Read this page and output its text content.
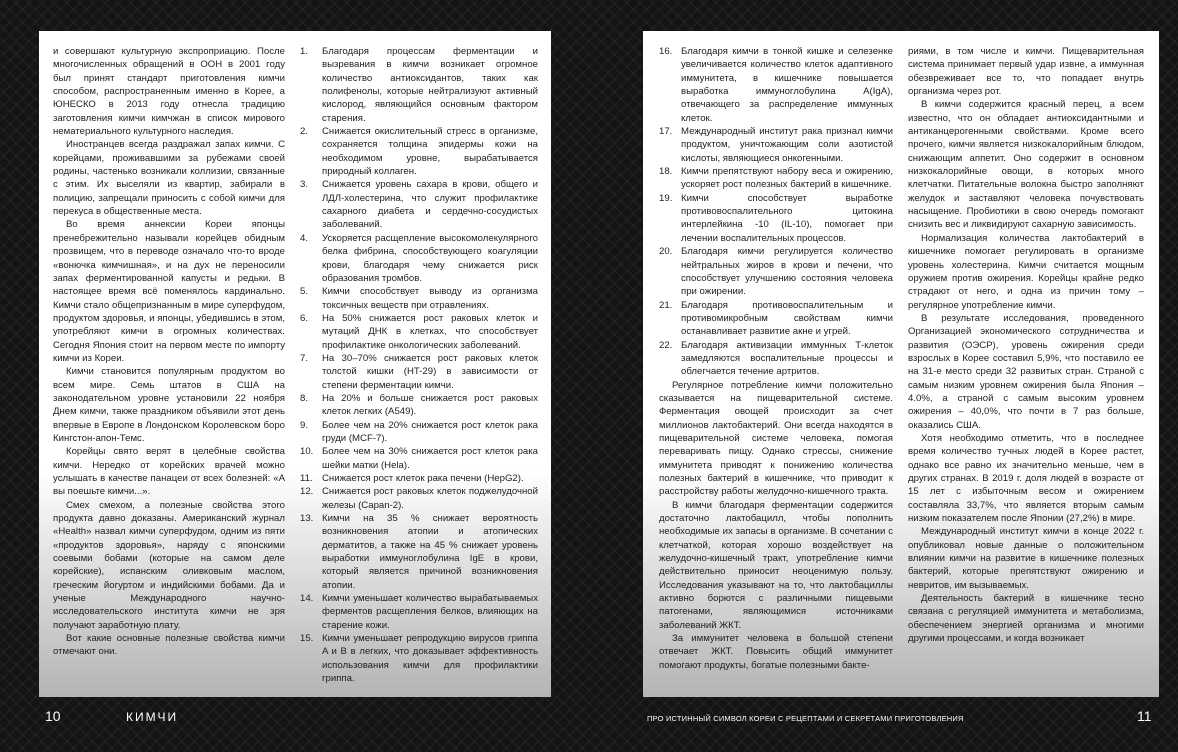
и совершают культурную экспроприацию. После многочисленных обращений в ООН в 2001 году был принят стандарт приготовления кимчи способом, распространенным именно в Корее, а ЮНЕСКО в 2013 году отнесла традицию заготовления кимчи кимчжан в список мирового нематериального культурного наследия.

Иностранцев всегда раздражал запах кимчи. С корейцами, проживавшими за рубежами своей родины, частенько возникали коллизии, связанные с этим. Их выселяли из квартир, забирали в полицию, запрещали приносить с собой кимчи для перекуса в общественные места.

Во время аннексии Кореи японцы пренебрежительно называли корейцев обидным прозвищем, что в переводе означало что-то вроде «вонючка кимчишная», и на дух не переносили запах ферментированной капусты и редьки. В настоящее время всё поменялось кардинально. Кимчи стало общепризнанным в мире суперфудом, продуктом здоровья, и японцы, убедившись в этом, употребляют кимчи в огромных количествах. Сегодня Япония стоит на первом месте по импорту кимчи из Кореи.

Кимчи становится популярным продуктом во всем мире. Семь штатов в США на законодательном уровне установили 22 ноября Днем кимчи, также праздником объявили этот день впервые в Европе в Лондонском Королевском боро Кингстон-апон-Темс.

Корейцы свято верят в целебные свойства кимчи. Нередко от корейских врачей можно услышать в качестве панацеи от всех болезней: «А вы поешьте кимчи...».

Смех смехом, а полезные свойства этого продукта давно доказаны. Американский журнал «Health» назвал кимчи суперфудом, одним из пяти «продуктов здоровья», наряду с японскими соевыми бобами (которые на самом деле корейские), испанским оливковым маслом, греческим йогуртом и индийскими бобами. Да и ученые Международного научно-исследовательского института кимчи не зря получают заработную плату.

Вот какие основные полезные свойства кимчи отмечают они.

1. Благодаря процессам ферментации и вызревания в кимчи возникает огромное количество антиоксидантов, таких как полифенолы, которые нейтрализуют активный кислород, являющийся основным фактором старения.
2. Снижается окислительный стресс в организме, сохраняется толщина эпидермы кожи на необходимом уровне, вырабатывается природный коллаген.
3. Снижается уровень сахара в крови, общего и ЛДЛ-холестерина, что служит профилактике сахарного диабета и сердечно-сосудистых заболеваний.
4. Ускоряется расщепление высокомолекулярного белка фибрина, способствующего коагуляции крови, благодаря чему снижается риск образования тромбов.
5. Кимчи способствует выводу из организма токсичных веществ при отравлениях.
6. На 50% снижается рост раковых клеток и мутаций ДНК в клетках, что способствует профилактике онкологических заболеваний.
7. На 30–70% снижается рост раковых клеток толстой кишки (HT-29) в зависимости от степени ферментации кимчи.
8. На 20% и больше снижается рост раковых клеток легких (A549).
9. Более чем на 20% снижается рост клеток рака груди (MCF-7).
10. Более чем на 30% снижается рост клеток рака шейки матки (Hela).
11. Снижается рост клеток рака печени (HepG2).
12. Снижается рост раковых клеток поджелудочной железы (Capan-2).
13. Кимчи на 35 % снижает вероятность возникновения атопии и атопических дерматитов, а также на 45 % снижает уровень выработки иммуноглобулина IgE в крови, который является причиной возникновения атопии.
14. Кимчи уменьшает количество вырабатываемых ферментов расщепления белков, влияющих на старение кожи.
15. Кимчи уменьшает репродукцию вирусов гриппа A и B в легких, что доказывает эффективность использования кимчи для профилактики гриппа.
16. Благодаря кимчи в тонкой кишке и селезенке увеличивается количество клеток адаптивного иммунитета, в кишечнике повышается выработка иммуноглобулина A(IgA), отвечающего за распределение иммунных клеток.
17. Международный институт рака признал кимчи продуктом, уничтожающим соли азотистой кислоты, являющиеся онкогенными.
18. Кимчи препятствуют набору веса и ожирению, ускоряет рост полезных бактерий в кишечнике.
19. Кимчи способствует выработке противовоспалительного цитокина интерлейкина -10 (IL-10), помогает при лечении воспалительных процессов.
20. Благодаря кимчи регулируется количество нейтральных жиров в крови и печени, что способствует улучшению состояния человека при ожирении.
21. Благодаря противовоспалительным и противомикробным свойствам кимчи останавливает развитие акне и угрей.
22. Благодаря активизации иммунных Т-клеток замедляются воспалительные процессы и облегчается течение артритов.

Регулярное потребление кимчи положительно сказывается на пищеварительной системе. Ферментация овощей происходит за счет миллионов лактобактерий. Они всегда находятся в пищеварительной системе человека, помогая переваривать пищу. Однако стрессы, снижение иммунитета приводят к понижению количества полезных бактерий в кишечнике, что приводит к расстройству работы желудочно-кишечного тракта.

В кимчи благодаря ферментации содержится достаточно лактобацилл, чтобы пополнить необходимые их запасы в организме. В сочетании с клетчаткой, которая хорошо воздействует на желудочно-кишечный тракт, употребление кимчи действительно приносит неоценимую пользу. Исследования указывают на то, что лактобациллы активно борются с различными пищевыми патогенами, являющимися источниками заболеваний ЖКТ.

За иммунитет человека в большой степени отвечает ЖКТ. Повысить общий иммунитет помогают продукты, богатые полезными бакте-

риями, в том числе и кимчи. Пищеварительная система принимает первый удар извне, а иммунная обезвреживает все то, что попадает внутрь организма через рот.

В кимчи содержится красный перец, а всем известно, что он обладает антиоксидантными и антиканцерогенными свойствами. Кроме всего прочего, кимчи является низкокалорийным блюдом, снижающим аппетит. Оно содержит в основном низкокалорийные овощи, в которых много клетчатки. Питательные волокна быстро заполняют желудок и заставляют человека почувствовать насыщение. Пробиотики в свою очередь помогают снизить вес и ликвидируют сахарную зависимость.

Нормализация количества лактобактерий в кишечнике помогает регулировать в организме уровень холестерина. Кимчи считается мощным оружием против ожирения. Корейцы крайне редко страдают от него, и одна из причин тому – регулярное употребление кимчи.

В результате исследования, проведенного Организацией экономического сотрудничества и развития (ОЭСР), уровень ожирения среди взрослых в Корее составил 5,9%, что поставило ее на 31-е место среди 32 развитых стран. Страной с самым низким уровнем ожирения была Япония – 4.0%, а страной с самым высоким уровнем ожирения – 40,0%, что почти в 7 раз больше, оказались США.

Хотя необходимо отметить, что в последнее время количество тучных людей в Корее растет, однако все равно их значительно меньше, чем в других странах. В 2019 г. доля людей в возрасте от 15 лет с избыточным весом и ожирением составляла 33,7%, что является вторым самым низким показателем после Японии (27,2%) в мире.

Международный институт кимчи в конце 2022 г. опубликовал новые данные о положительном влиянии кимчи на развитие в кишечнике полезных бактерий, которые препятствуют ожирению и невритов, им вызываемых.

Деятельность бактерий в кишечнике тесно связана с регуляцией иммунитета и метаболизма, обеспечением энергией организма и многими другими процессами, и когда возникает

10	КИМЧИ	ПРО ИСТИННЫЙ СИМВОЛ КОРЕИ С РЕЦЕПТАМИ И СЕКРЕТАМИ ПРИГОТОВЛЕНИЯ	11
